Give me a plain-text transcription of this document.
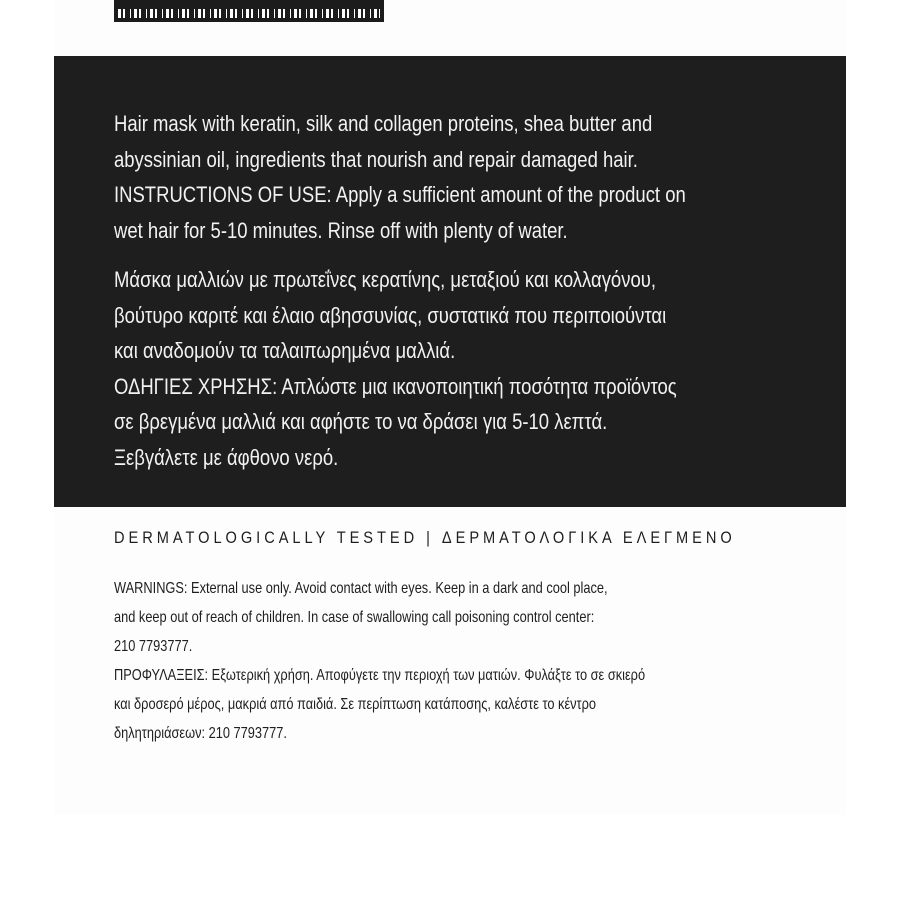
Hair mask with keratin, silk and collagen proteins, shea butter and
abyssinian oil, ingredients that nourish and repair damaged hair.
INSTRUCTIONS OF USE: Apply a sufficient amount of the product on
wet hair for 5-10 minutes. Rinse off with plenty of water.
Μάσκα μαλλιών με πρωτεΐνες κερατίνης, μεταξιού και κολλαγόνου,
βούτυρο καριτέ και έλαιο αβησσυνίας, συστατικά που περιποιούνται
και αναδομούν τα ταλαιπωρημένα μαλλιά.
ΟΔΗΓΙΕΣ ΧΡΗΣΗΣ: Απλώστε μια ικανοποιητική ποσότητα προϊόντος
σε βρεγμένα μαλλιά και αφήστε το να δράσει για 5-10 λεπτά.
Ξεβγάλετε με άφθονο νερό.
DERMATOLOGICALLY TESTED | ΔΕΡΜΑΤΟΛΟΓΙΚΑ ΕΛΕΓΜΕΝΟ
WARNINGS: External use only. Avoid contact with eyes. Keep in a dark and cool place,
and keep out of reach of children. In case of swallowing call poisoning control center:
210 7793777.
ΠΡΟΦΥΛΑΞΕΙΣ: Εξωτερική χρήση. Αποφύγετε την περιοχή των ματιών. Φυλάξτε το σε σκιερό
και δροσερό μέρος, μακριά από παιδιά. Σε περίπτωση κατάποσης, καλέστε το κέντρο
δηλητηριάσεων: 210 7793777.
